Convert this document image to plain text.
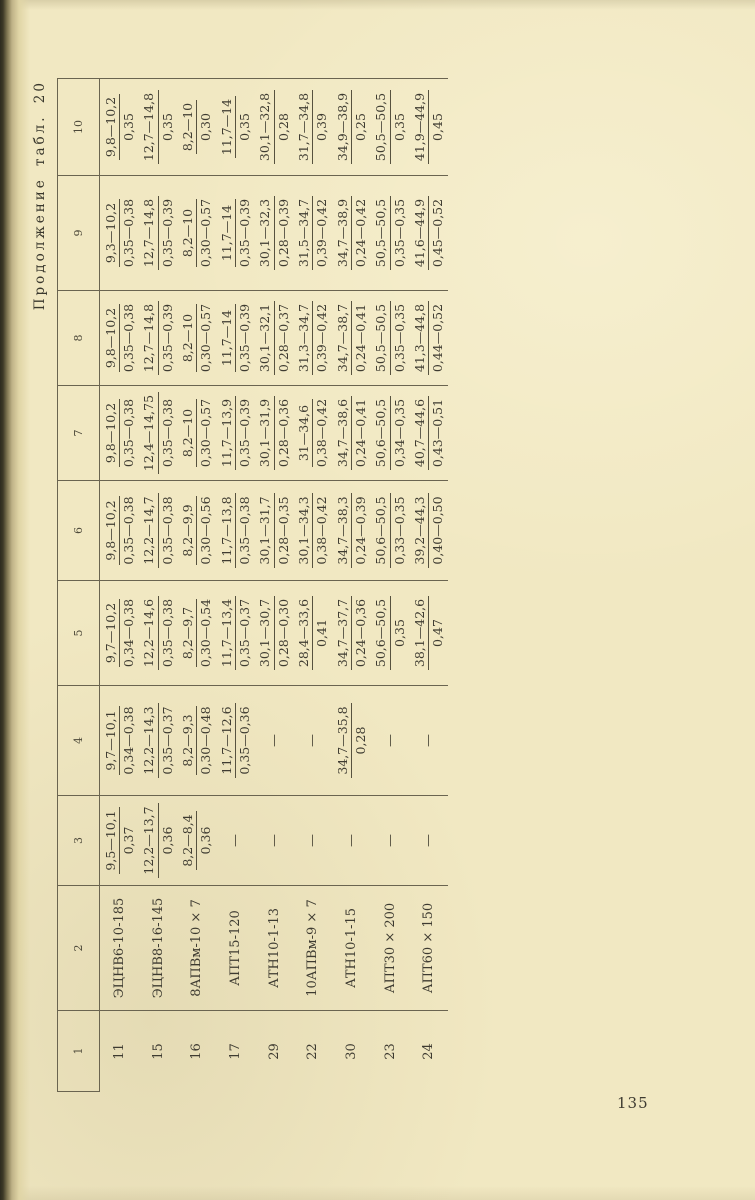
Продолжение табл. 20
1
2
3
4
5
6
7
8
9
10
11
ЭЦНВ6-10-185
9,5—10,1 0,37
9,7—10,1 0,34—0,38
9,7—10,2 0,34—0,38
9,8—10,2 0,35—0,38
9,8—10,2 0,35—0,38
9,8—10,2 0,35—0,38
9,3—10,2 0,35—0,38
9,8—10,2 0,35
15
ЭЦНВ8-16-145
12,2—13,7 0,36
12,2—14,3 0,35—0,37
12,2—14,6 0,35—0,38
12,2—14,7 0,35—0,38
12,4—14,75 0,35—0,38
12,7—14,8 0,35—0,39
12,7—14,8 0,35—0,39
12,7—14,8 0,35
16
8АПВм-10 × 7
8,2—8,4 0,36
8,2—9,3 0,30—0,48
8,2—9,7 0,30—0,54
8,2—9,9 0,30—0,56
8,2—10 0,30—0,57
8,2—10 0,30—0,57
8,2—10 0,30—0,57
8,2—10 0,30
17
АПТ15-120
—
11,7—12,6 0,35—0,36
11,7—13,4 0,35—0,37
11,7—13,8 0,35—0,38
11,7—13,9 0,35—0,39
11,7—14 0,35—0,39
11,7—14 0,35—0,39
11,7—14 0,35
29
АТН10-1-13
—
—
30,1—30,7 0,28—0,30
30,1—31,7 0,28—0,35
30,1—31,9 0,28—0,36
30,1—32,1 0,28—0,37
30,1—32,3 0,28—0,39
30,1—32,8 0,28
22
10АПВм-9 × 7
—
—
28,4—33,6 0,41
30,1—34,3 0,38—0,42
31—34,6 0,38—0,42
31,3—34,7 0,39—0,42
31,5—34,7 0,39—0,42
31,7—34,8 0,39
30
АТН10-1-15
—
34,7—35,8 0,28
34,7—37,7 0,24—0,36
34,7—38,3 0,24—0,39
34,7—38,6 0,24—0,41
34,7—38,7 0,24—0,41
34,7—38,9 0,24—0,42
34,9—38,9 0,25
23
АПТ30 × 200
—
—
50,6—50,5 0,35
50,6—50,5 0,33—0,35
50,6—50,5 0,34—0,35
50,5—50,5 0,35—0,35
50,5—50,5 0,35—0,35
50,5—50,5 0,35
24
АПТ60 × 150
—
—
38,1—42,6 0,47
39,2—44,3 0,40—0,50
40,7—44,6 0,43—0,51
41,3—44,8 0,44—0,52
41,6—44,9 0,45—0,52
41,9—44,9 0,45
135
